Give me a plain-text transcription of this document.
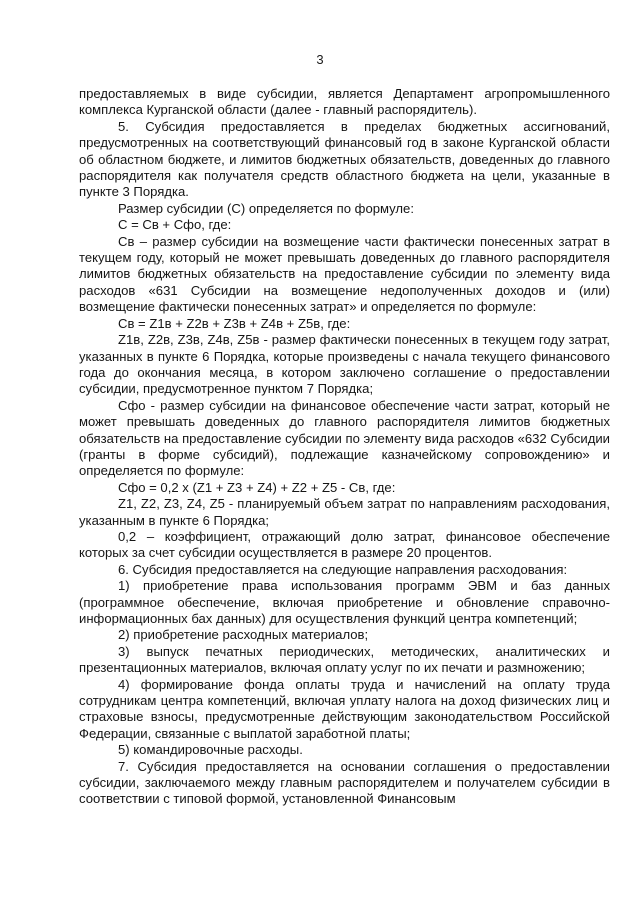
3

предоставляемых в виде субсидии, является Департамент агропромышленного комплекса Курганской области (далее - главный распорядитель).

5. Субсидия предоставляется в пределах бюджетных ассигнований, предусмотренных на соответствующий финансовый год в законе Курганской области об областном бюджете, и лимитов бюджетных обязательств, доведенных до главного распорядителя как получателя средств областного бюджета на цели, указанные в пункте 3 Порядка.

Размер субсидии (С) определяется по формуле:

С = Св + Сфо, где:

Св – размер субсидии на возмещение части фактически понесенных затрат в текущем году, который не может превышать доведенных до главного распорядителя лимитов бюджетных обязательств на предоставление субсидии по элементу вида расходов «631 Субсидии на возмещение недополученных доходов и (или) возмещение фактически понесенных затрат» и определяется по формуле:

Св = Z1в + Z2в + Z3в + Z4в + Z5в, где:

Z1в, Z2в, Z3в, Z4в, Z5в - размер фактически понесенных в текущем году затрат, указанных в пункте 6 Порядка, которые произведены с начала текущего финансового года до окончания месяца, в котором заключено соглашение о предоставлении субсидии, предусмотренное пунктом 7 Порядка;

Сфо - размер субсидии на финансовое обеспечение части затрат, который не может превышать доведенных до главного распорядителя лимитов бюджетных обязательств на предоставление субсидии по элементу вида расходов «632 Субсидии (гранты в форме субсидий), подлежащие казначейскому сопровождению» и определяется по формуле:

Сфо = 0,2 х (Z1 + Z3 + Z4) + Z2 + Z5 - Св, где:

Z1, Z2, Z3, Z4, Z5 - планируемый объем затрат по направлениям расходования, указанным в пункте 6 Порядка;

0,2 – коэффициент, отражающий долю затрат, финансовое обеспечение которых за счет субсидии осуществляется в размере 20 процентов.

6. Субсидия предоставляется на следующие направления расходования:

1) приобретение права использования программ ЭВМ и баз данных (программное обеспечение, включая приобретение и обновление справочно-информационных бах данных) для осуществления функций центра компетенций;

2) приобретение расходных материалов;

3) выпуск печатных периодических, методических, аналитических и презентационных материалов, включая оплату услуг по их печати и размножению;

4) формирование фонда оплаты труда и начислений на оплату труда сотрудникам центра компетенций, включая уплату налога на доход физических лиц и страховые взносы, предусмотренные действующим законодательством Российской Федерации, связанные с выплатой заработной платы;

5) командировочные расходы.

7. Субсидия предоставляется на основании соглашения о предоставлении субсидии, заключаемого между главным распорядителем и получателем субсидии в соответствии с типовой формой, установленной Финансовым
